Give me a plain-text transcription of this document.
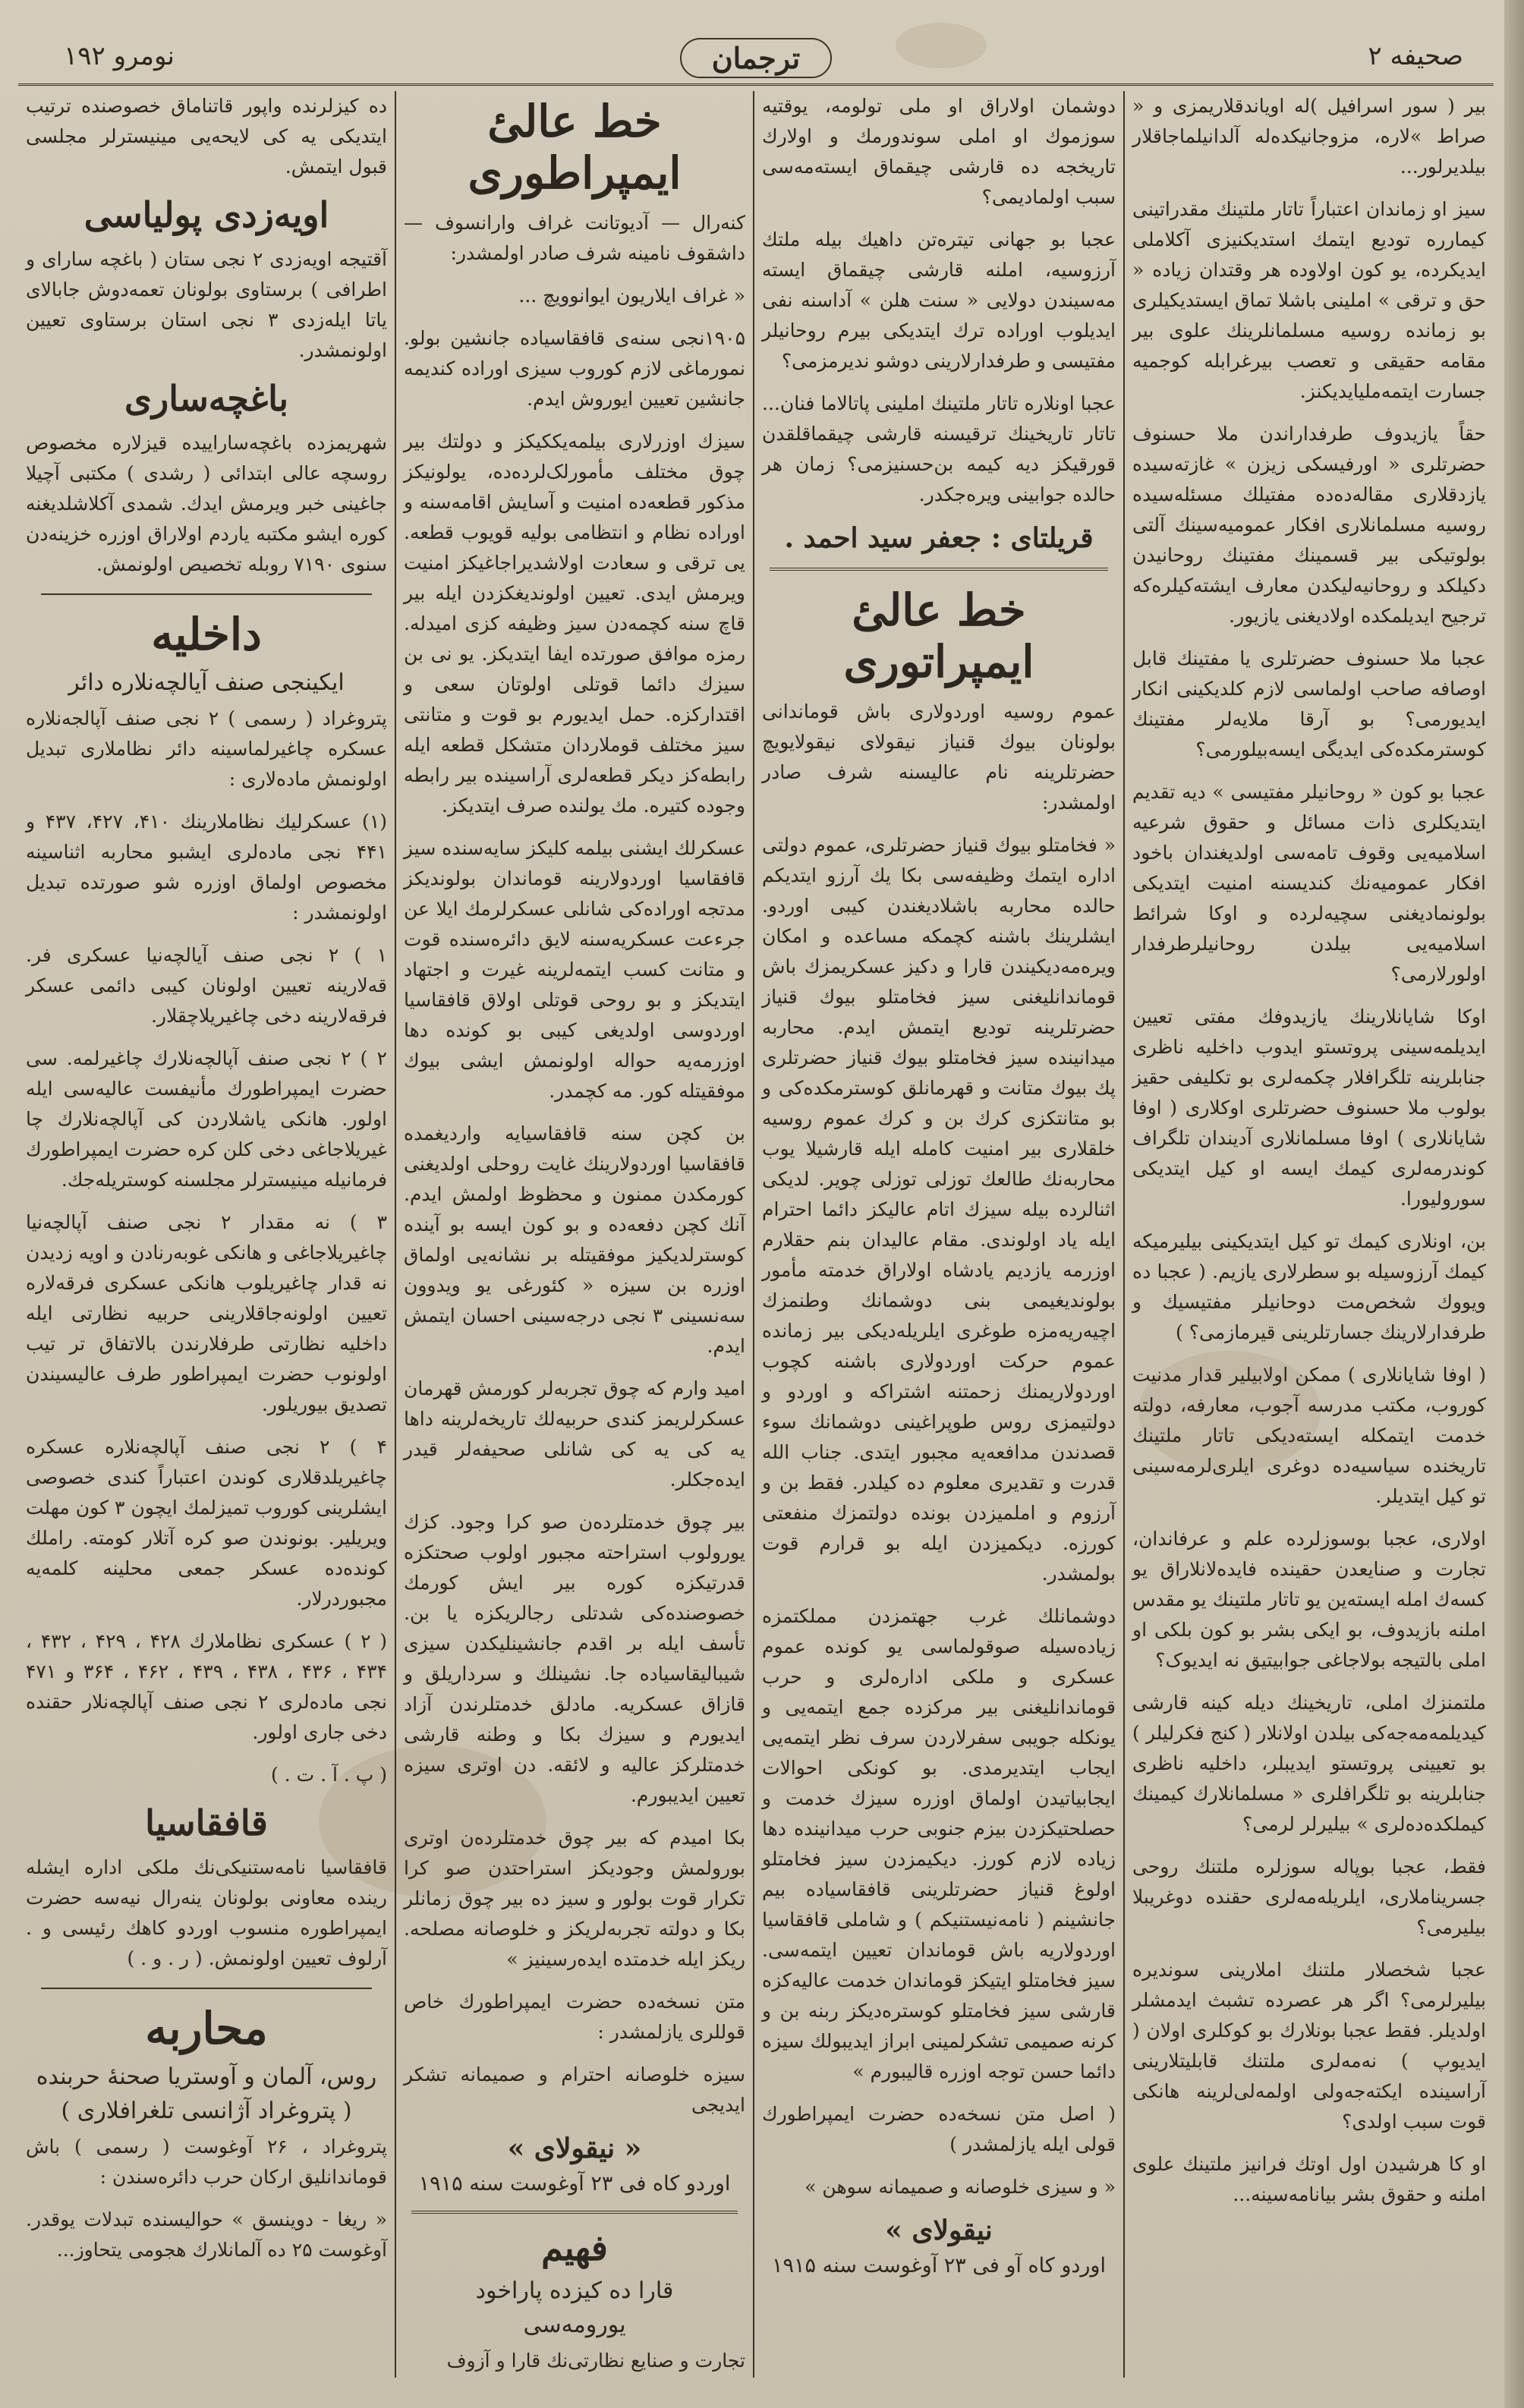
صحیفه ۲
ترجمان
نومرو ۱۹۲
بیر ( سور اسرافیل )له اویاندقلاریمزی و « صراط »لاره، مزوجانیکده‌له آلدانیلماجاقلار بیلدیرلور...
سیز او زماندان اعتباراً تاتار ملتینك مقدراتینی کیمارره تودیع ایتمك استدیکنیزی آکلاملی ایدیکرده، یو کون اولاوده هر وقتدان زیاده « حق و ترقی » املینی باشلا تماق ایستدیکیلری بو زمانده روسیه مسلمانلرینك علوی بیر مقامه حقیقی و تعصب بیرغرابله کوجمیه جسارت ایتمه‌ملیایدیکنز.
حقاً یازیدوف طرفداراندن ملا حسنوف حضرتلری « اورفیسکی زیزن » غازته‌سیده یازدقلاری مقاله‌ده‌ده مفتیلك مسئله‌سیده روسیه مسلمانلاری افکار عمومیه‌سینك آلتی بولوتیکی بیر قسمینك مفتینك روحانیدن دکیلکد و روحانیه‌لیكدن معارف ایشته‌كیلره‌كه ترجیح ایدیلمکده اولادیغنی یازیور.
عجبا ملا حسنوف حضرتلری یا مفتینك قابل اوصافه صاحب اولماسی لازم کلدیکینی انکار ایدیورمی؟ بو آرقا ملایه‌لر مفتینك کوسترمکده‌کی ایدیگی ایسه‌بیلورمی؟
عجبا بو کون « روحانیلر مفتیسی » دیه تقدیم ایتدیکلری ذات مسائل و حقوق شرعیه اسلامیه‌یی وقوف تامه‌سی اولدیغندان باخود افکار عمومیه‌نك کندیسنه امنیت ایتدیکی بولونمادیغنی سچیه‌لرده و اوکا شرائط اسلامیه‌یی بیلدن روحانیلرطرفدار اولورلارمی؟
اوکا شایانلارینك یازیدوفك مفتی تعیین ایدیلمه‌سینی پروتستو ایدوب داخلیه ناظری جنابلرینه تلگرافلار چکمه‌لری بو تکلیفی حقیز بولوب ملا حسنوف حضرتلری اوکلاری ( اوفا شایانلاری ) اوفا مسلمانلاری آدیندان تلگراف کوندرمه‌لری کیمك ایسه او کیل ایتدیکی سورولیورا.
بن، اونلاری کیمك تو کیل ایتدیکینی بیلیرمیکه‌ کیمك آرزوسیله بو سطرلاری یازیم. ( عجبا ده ویووك شخص‌مت دوحانیلر مفتیسیك و طرفدارلارینك جسارتلرینی قیرمازمی؟ )
( اوفا شایانلاری ) ممکن اولابیلیر قدار مدنیت کوروب، مکتب مدرسه آجوب، معارفه، دولته خدمت ایتمکله ایسته‌دیکی تاتار ملتینك تاریخنده سیاسیه‌ده دوغری ایلری‌لرمه‌سینی تو کیل ایتدیلر.
اولاری، عجبا بوسوزلرده علم و عرفاندان، تجارت و صنایعدن حقینده فایده‌لانلاراق یو کسه‌ك امله ایسته‌ین یو تاتار ملتینك یو مقدس املنه بازیدوف، بو ایکی بشر بو کون بلکی او املی بالتیجه بولاجاغی جوابیتیق نه ایدیوک؟
ملتمنزك املی، تاریخینك دیله کینه قارشی کیدیلمه‌مه‌جه‌کی بیلدن اولانلار ( کنج فکرلیلر ) بو تعیینی پروتستو ایدیبلر، داخلیه ناظری جنابلرینه بو تلگرافلری « مسلمانلارك کیمینك کیملکده‌ده‌لری » بیلیرلر لرمی؟
فقط، عجبا بوپاله سوزلره ملتنك روحی جسریناملاری، ایلریله‌مه‌لری حقنده دوغریبلا بیلیرمی؟
عجبا شخصلار ملتنك املارینی سوندیره بیلیرلرمی؟ اگر هر عصرده تشبث ایدمشلر اولدیلر. فقط عجبا بونلارك بو کوکلری اولان ( ایدیوپ ) نه‌مه‌لری ملتنك قابلیتلارینی آراسینده ایکته‌جه‌ولی اولمه‌لی‌لرینه هانکی قوت سبب اولدی؟
او کا هرشیدن اول اوتك فرانیز ملتینك علوی املنه و حقوق بشر بیانامه‌سینه...
دوشمان اولاراق او ملی تولومه، یوقتیه سوزموك او املی سوندورمك و اولارك تاریخجه ده قارشی چیقماق ایسته‌مه‌سی سبب اولمادیمی؟
عجبا بو جهانی تیتره‌تن داهیك بیله ملتك آرزوسیه، املنه قارشی چیقماق ایسته‌ مه‌سیندن دولایی « سنت هلن » آداسنه نفی ایدیلوب اوراده ترك ایتدیکی بیرم روحانیلر مفتیسی و طرفدارلارینی دوشو نديرمزمی؟
عجبا اونلاره تاتار ملتینك املینی پاتالاما فنان... تاتار تاریخینك ترقیسنه قارشی چیقماقلقدن قورقیکز دیه کیمه بن‌حسنیزمی؟ زمان هر حالده جوابینی ویره‌جکدر.
قریلتای : جعفر سید احمد .
خط عالیٔ ایمپراتوری
عموم روسیه اوردولاری باش قوماندانی بولونان بیوك قنیاز نیقولای نیقولایویچ حضرتلرینه نام عالیسنه شرف صادر اولمشدر:
« فخامتلو بیوك قنیاز حضرتلری، عموم دولتی اداره ایتمك وظیفه‌سی بکا یك آرزو ایتدیکم حالده محاربه باشلادیغندن کیبی اوردو. ایشلرینك باشنه کچمکه مساعده و امکان ویره‌مه‌دیکیندن قارا و دکیز عسکریمزك باش قوماندانلیغنی سیز فخامتلو بیوك قنیاز حضرتلرینه تودیع ایتمش ایدم. محاربه میدانینده سیز فخامتلو بیوك قنیاز حضرتلری پك بیوك متانت و قهرمانلق کوسترمکده‌کی و بو متانتکزی کرك بن و کرك عموم روسیه خلقلاری بیر امنیت کامله ایله قارشیلا یوب محاربه‌نك طالعك توزلی توزلی چویر. لدیکی اثنالرده بیله سیزك اتام عالیکز دائما احترام ایله یاد اولوندی. مقام عالیدان بنم حقلارم اوزرمه یازدیم یادشاه اولاراق خدمته مأمور بولوندیغیمی بنی دوشمانك وطنمزك اچیه‌ریه‌مزه طوغری ایلریله‌دیکی بیر زمانده عموم حرکت اوردولاری باشنه کچوب اوردولاریمنك زحمتنه اشتراکه و اوردو و دولتیمزی روس طوپراغینی دوشمانك سوء قصدندن مدافعه‌یه مجبور ایتدی. جناب الله قدرت و تقدیری معلوم ده کیلدر. فقط بن و آرزوم و املمیزدن بونده دولتمزك منفعتی کورزه. دیکمیزدن ایله بو قرارم قوت بولمشدر.
دوشمانلك غرب جهتمزدن مملکتمزه زیاده‌سیله صوقولماسی یو کونده عموم عسکری و ملکی اداره‌لری و حرب قوماندانلیغنی بیر مرکزده جمع ایتمه‌یی و یونکله جویبی سفرلاردن سرف نظر ایتمه‌یی ایجاب ایتدیرمدی. بو کونکی احوالات ایجابیاتیدن اولماق اوزره سیزك خدمت و حصلحتیکزدن بیزم جنوبی حرب میدانینده دها زیاده لازم کورز. دیکیمزدن سیز فخامتلو اولوغ قنیاز حضرتلرینی قافقاسیاده بیم جانشینم ( نامه‌نیستنیکم ) و شاملی قافقاسیا اوردولاریه باش قوماندان تعیین ایتمه‌سی. سیز فخامتلو ایتیکز قوماندان خدمت عالیه‌کزه قارشی سیز فخامتلو کوستره‌دیکز ربنه بن و کرنه صمیمی تشکرلمینی ابراز ایدیبولك سیزه دائما حسن توجه اوزره قالیبورم »
( اصل متن نسخه‌ده حضرت ایمپراطورك قولی ایله یازلمشدر )
« و سیزی خلوصانه و صمیمانه سوهن »
نیقولای »
اوردو کاه آو فی ۲۳ آوغوست سنه ۱۹۱۵
خط عالیٔ ایمپراطوری
کنه‌رال — آدیوتانت غراف وارانسوف — داشقوف نامینه شرف صادر اولمشدر:
« غراف ایلاریون ایوانوویچ ...
۱۹۰۵نجی سنه‌ی قافقاسیاده جانشین بولو. نمورماغی لازم کوروب سیزی اوراده کندیمه جانشین تعیین ایوروش ایدم.
سیزك اوزرلاری بیلمه‌یککیکز و دولتك بیر چوق مختلف مأمورلک‌لرده‌ده، یولونیکز مذکور قطعه‌ده امنیت و آسایش اقامه‌سنه و اوراده نظام و انتظامی بوليه قویوب قطعه. یی ترقی و سعادت اولاشدیراجاغیکز امنیت ویرمش ایدی. تعیین اولوندیغکزدن ایله بیر قاچ سنه کچمه‌دن سیز وظیفه کزی امیدله. رمزه موافق صورتده ایفا ایتدیکز. یو نی بن سیزك دائما قوتلی اولوتان سعی و اقتدارکزه. حمل ایدیورم بو قوت و متانتی سیز مختلف قوملاردان متشکل قطعه ایله رابطه‌کز دیکر قطعه‌لری آراسینده بیر رابطه وجوده کتیره. مك یولنده صرف ایتدیکز.
عسکرلك ایشنی بیلمه کلیکز سایه‌سنده سیز قافقاسیا اوردولارینه قوماندان بولوندیکز مدتجه اوراده‌کی شانلی عسکرلرمك ایلا عن جرءعت عسکریه‌سنه لایق دائره‌سنده قوت و متانت کسب ایتمه‌لرینه غیرت و اجتهاد ایتدیکز و بو روحی قوتلی اولاق قافقاسیا اوردوسی اولدیغی کیبی بو کونده دها اوزرمه‌یه حواله اولونمش ایشی بیوك موفقیتله کور. مه کچمدر.
بن کچن سنه قافقاسیایه واردیغمده قافقاسیا اوردولارینك غایت روحلی اولدیغنی کورمکدن ممنون و محظوظ اولمش ایدم. آنك کچن دفعه‌ده و بو کون ایسه بو آینده کوسترلدیکیز موفقیتله بر نشانه‌یی اولماق اوزره بن سیزه « کئورغی یو ویدوون سه‌نسینی ۳ نجی درجه‌سینی احسان ایتمش ایدم.
امید وارم که چوق تجربه‌لر کورمش قهرمان عسکرلریمز کندی حربیه‌لك تاریخه‌لرینه داها یه کی یه کی شانلی صحیفه‌لر قیدر ایده‌جکلر.
بیر چوق خدمتلرده‌ن صو کرا وجود. کزك یورولوب استراحته مجبور اولوب صحتکزه قدرتیکزه کوره بیر ایش کورمك خصوصنده‌کی شدتلی رجالریکزه یا بن. تأسف ایله بر اقدم جانشینلیکدن سیزی شیبالیقاسیاده جا. نشینلك و سرداریلق و قازاق عسکریه. مادلق خدمتلرندن آزاد ایدیورم و سیزك بکا و وطنه قارشی خدمتلرکز عالیه و لائقه. دن اوتری سیزه تعیین ایدیبورم.
بکا امیدم که بیر چوق خدمتلرده‌ن اوتری بورولمش وجودیکز استراحتدن صو کرا تکرار قوت بولور و سیز ده بیر چوق زمانلر بکا و دولته تجربه‌لریکز و خلوصانه مصلحه. ریکز ایله خدمتده ایده‌رسینیز »
متن نسخه‌ده حضرت ایمپراطورك خاص قوللری یازلمشدر :
سیزه خلوصانه احترام و صمیمانه تشکر ایدیجی
« نیقولای »
اوردو کاه فی ۲۳ آوغوست سنه ۱۹۱۵
فهیم
قارا ده کیزده پاراخود
یورومه‌سی
تجارت و صنایع نظارتی‌نك قارا و آزوف
ده کیزلرنده واپور قاتناماق خصوصنده ترتیب ایتدیکی یه کی لایحه‌یی مینیسترلر مجلسی قبول ایتمش.
اویه‌زدی پولیاسی
آقتیجه اویه‌زدی ۲ نجی ستان ( باغچه سارای و اطرافی ) برستاوی بولونان تعمه‌دوش جابالای یاتا ایله‌زدی ۳ نجی استان برستاوی تعیین اولونمشدر.
باغچه‌ساری
شهریمزده باغچه‌ساراییده قیزلاره مخصوص روسچه عالی ابتدائی ( رشدی ) مکتبی آچیلا جاغینی خبر ویرمش ایدك. شمدی آکلاشلدیغنه کوره ایشو مکتبه یاردم اولاراق اوزره خزینه‌دن سنوی ۷۱۹۰ روبله تخصیص اولونمش.
داخلیه
ایکینجی صنف آیالچه‌نلاره دائر
پتروغراد ( رسمی ) ۲ نجی صنف آپالجه‌نلاره عسکره چاغیرلماسینه دائر نظاملاری تبدیل اولونمش ماده‌لاری :
(۱) عسکرلیك نظاملارینك ۴۱۰، ۴۲۷، ۴۳۷ و ۴۴۱ نجی ماده‌لری ایشبو محاربه اثناسینه مخصوص اولماق اوزره شو صورتده تبدیل اولونمشدر :
۱ ) ۲ نجی صنف آیالچه‌نیا عسکری فر. قه‌لارینه تعیین اولونان کیبی دائمی عسکر فرقه‌لارینه دخی چاغیریلاچقلار.
۲ ) ۲ نجی صنف آپالچه‌نلارك چاغیرلمه. سی حضرت ایمپراطورك مأنیفست عالیه‌سی ایله اولور. هانکی یاشلاردن کی آپالچه‌نلارك چا غیریلاجاغی دخی کلن کره حضرت ایمپراطورك فرمانیله مینیسترلر مجلسنه کوستریله‌جك.
۳ ) نه مقدار ۲ نجی صنف آپالچه‌نیا چاغیریلاجاغی و هانکی غوبه‌رنادن و اویه‌ زدیدن نه قدار چاغیریلوب هانکی عسکری فرقه‌لاره تعیین اولونه‌جاقلارینی حربیه نظارتی ایله داخلیه نظارتی طرفلارندن بالاتفاق تر تیب اولونوب حضرت ایمپراطور طرف عالیسیندن تصدیق بیوریلور.
۴ ) ۲ نجی صنف آپالچه‌نلاره عسکره چاغیریلدقلاری کوندن اعتباراً کندی خصوصی ایشلرینی کوروب تمیزلمك ایچون ۳ کون مهلت ویریلیر. بونوندن صو کره آتلار کومته. راملك کونده‌ده عسکر جمعی محلینه کلمه‌یه مجبوردرلار.
( ۲ ) عسکری نظاملارك ۴۲۸ ، ۴۲۹ ، ۴۳۲ ، ۴۳۴ ، ۴۳۶ ، ۴۳۸ ، ۴۳۹ ، ۴۶۲ ، ۳۶۴ و ۴۷۱ نجی ماده‌لری ۲ نجی صنف آپالچه‌نلار حقنده دخی جاری اولور.
( پ . آ . ت . )
قافقاسیا
قافقاسیا نامه‌ستنیکی‌نك ملکی اداره ایشله رینده معاونی بولونان ینه‌رال نیه‌سه حضرت ایمپراطوره منسوب اوردو کاهك رئیسی و . آرلوف تعیین اولونمش. ( ر . و . )
محاربه
روس، آلمان و آوستریا صحنهٔ حربنده
( پتروغراد آژانسی تلغرافلاری )
پتروغراد ، ۲۶ آوغوست ( رسمی ) باش قوماندانلیق ارکان حرب دائره‌سندن :
« ریغا - دوینسق » حوالیسنده تبدلات یوقدر. آوغوست ۲۵ ده آلمانلارك هجومی یتحاوز...
